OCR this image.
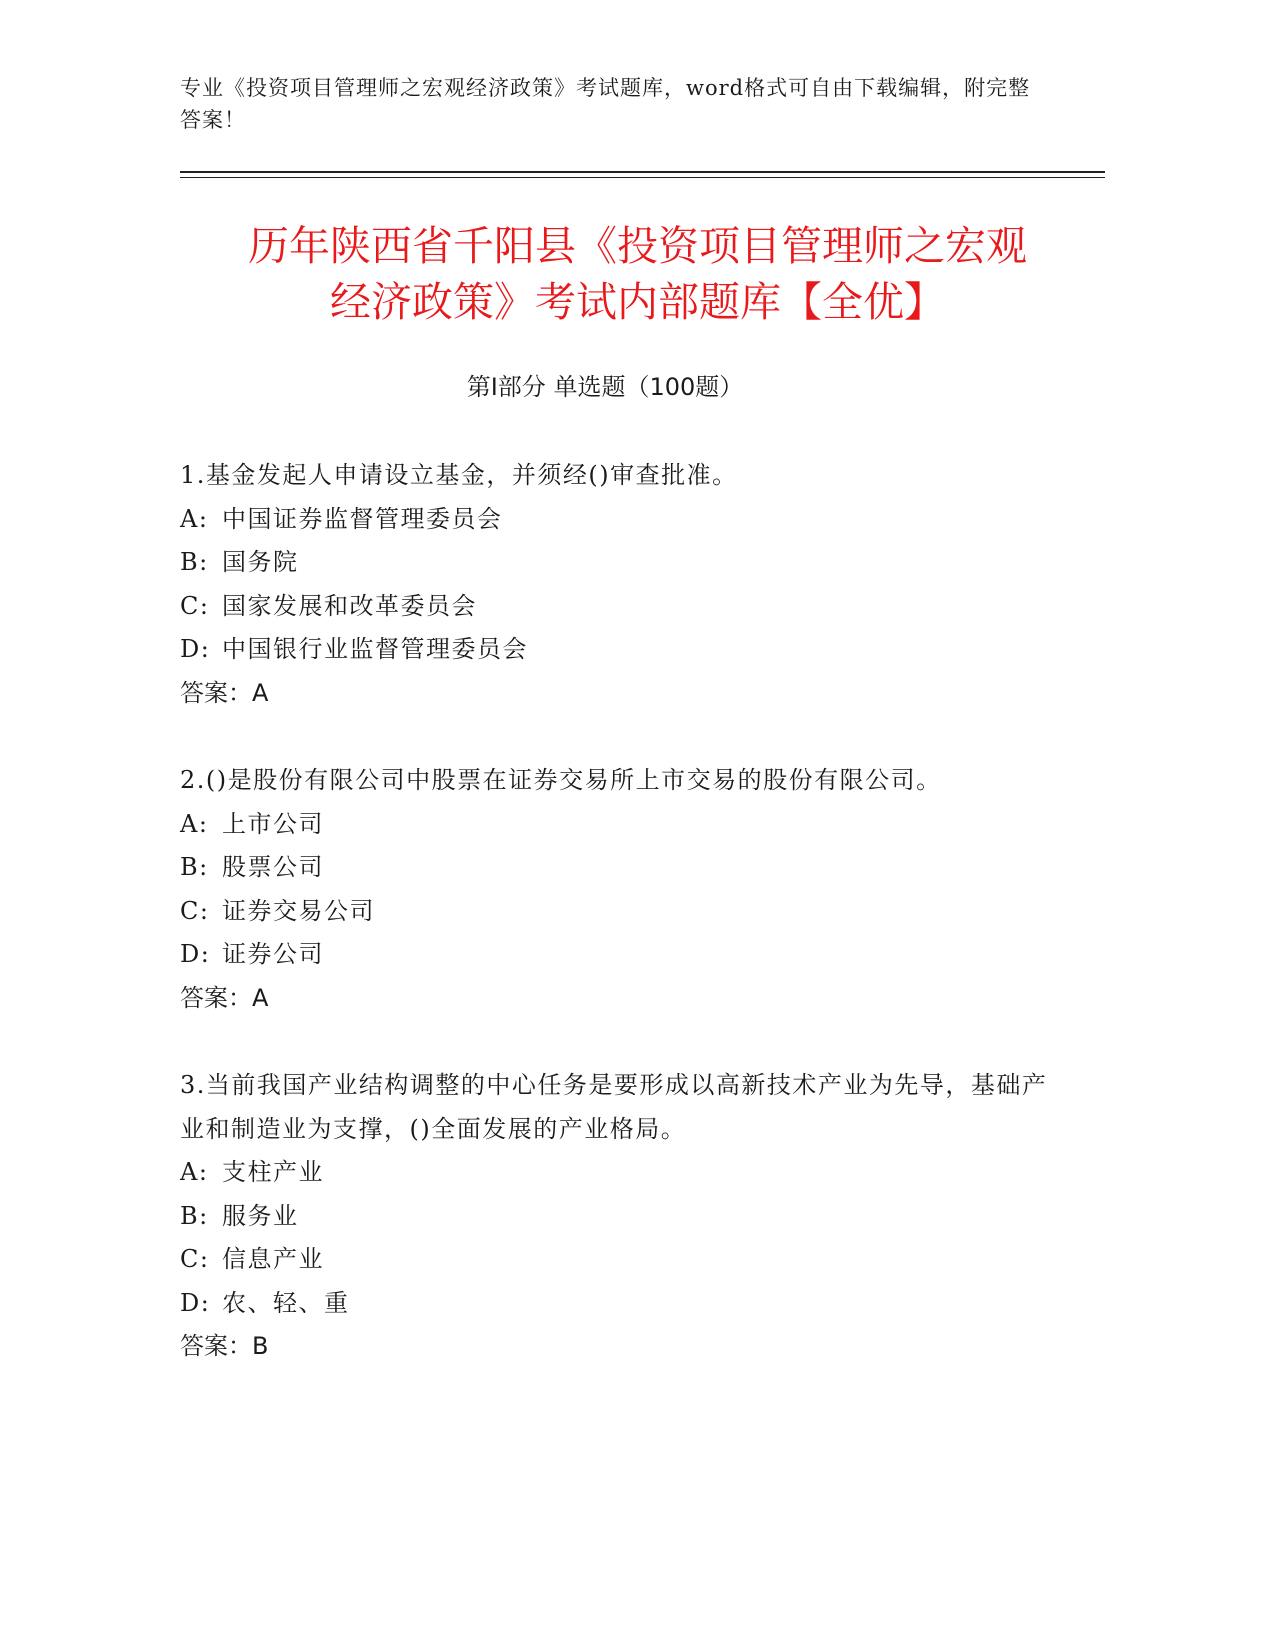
专业《投资项目管理师之宏观经济政策》考试题库，word格式可自由下载编辑，附完整答案！
历年陕西省千阳县《投资项目管理师之宏观
经济政策》考试内部题库【全优】
第Ⅰ部分 单选题（100题）

1.基金发起人申请设立基金，并须经()审查批准。

A: 中国证券监督管理委员会

B: 国务院

C: 国家发展和改革委员会

D: 中国银行业监督管理委员会

答案：A

2.()是股份有限公司中股票在证券交易所上市交易的股份有限公司。

A: 上市公司

B: 股票公司

C: 证券交易公司

D: 证券公司

答案：A

3.当前我国产业结构调整的中心任务是要形成以高新技术产业为先导，基础产业和制造业为支撑，()全面发展的产业格局。

A: 支柱产业

B: 服务业

C: 信息产业

D: 农、轻、重

答案：B
